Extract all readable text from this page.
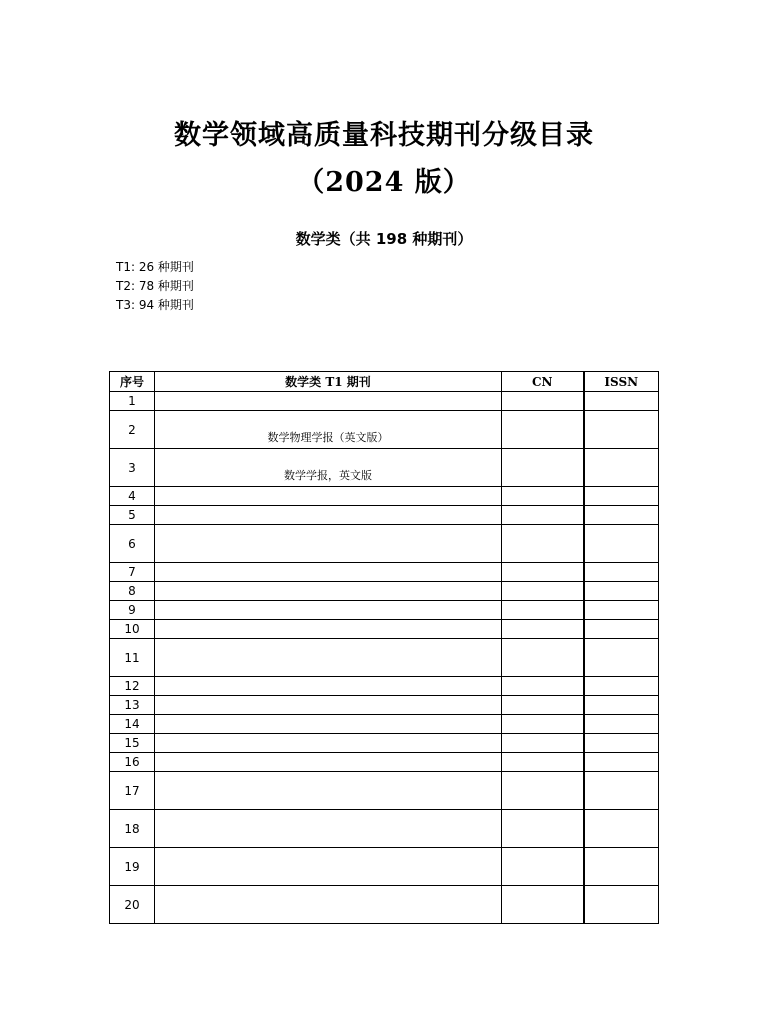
数学领域高质量科技期刊分级目录
（2024 版）
数学类（共 198 种期刊）
T1: 26 种期刊
T2: 78 种期刊
T3: 94 种期刊
序号	数学类 T1 期刊	CN	ISSN
1			
2	数学物理学报（英文版）		
3	数学学报，英文版		
4			
5			
6			
7			
8			
9			
10			
11			
12			
13			
14			
15			
16			
17			
18			
19			
20			
